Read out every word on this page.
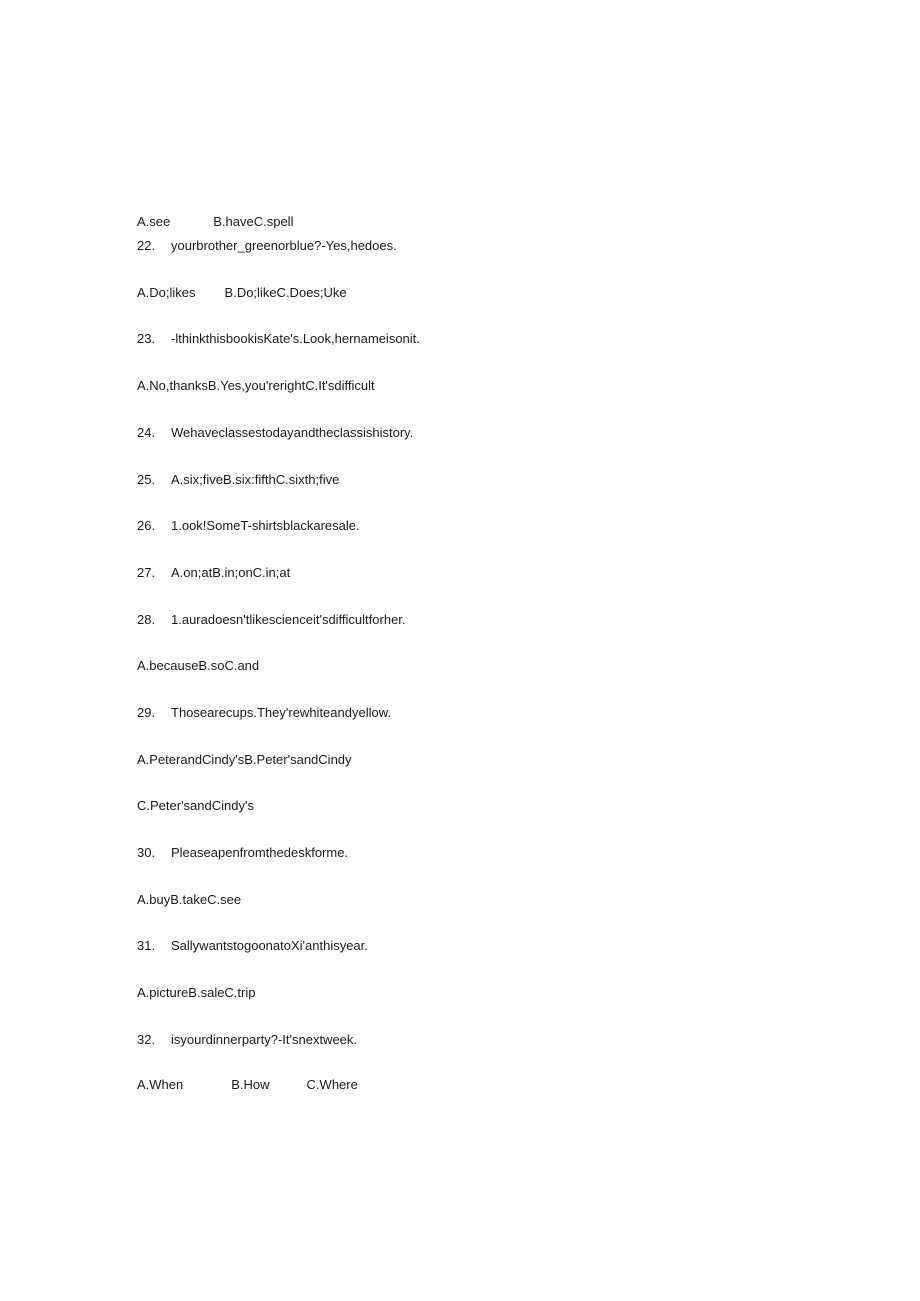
A.see	B.haveC.spell
22. yourbrother_greenorblue?-Yes,hedoes.
A.Do;likes B.Do;likeC.Does;Uke
23. -lthinkthisbookisKate's.Look,hernameisonit.
A.No,thanksB.Yes,you'rerightC.It'sdifficult
24. Wehaveclassestodayandtheclassishistory.
25. A.six;fiveB.six:fifthC.sixth;five
26. 1.ook!SomeT-shirtsblackaresale.
27. A.on;atB.in;onC.in;at
28. 1.auradoesn'tlikescienceit'sdifficultforher.
A.becauseB.soC.and
29. Thosearecups.They'rewhiteandyellow.
A.PeterandCindy'sB.Peter'sandCindy
C.Peter'sandCindy's
30. Pleaseapenfromthedeskforme.
A.buyB.takeC.see
31. SallywantstogoonatoXi'anthisyear.
A.pictureB.saleC.trip
32. isyourdinnerparty?-It'snextweek.
A.When	B.How	C.Where
